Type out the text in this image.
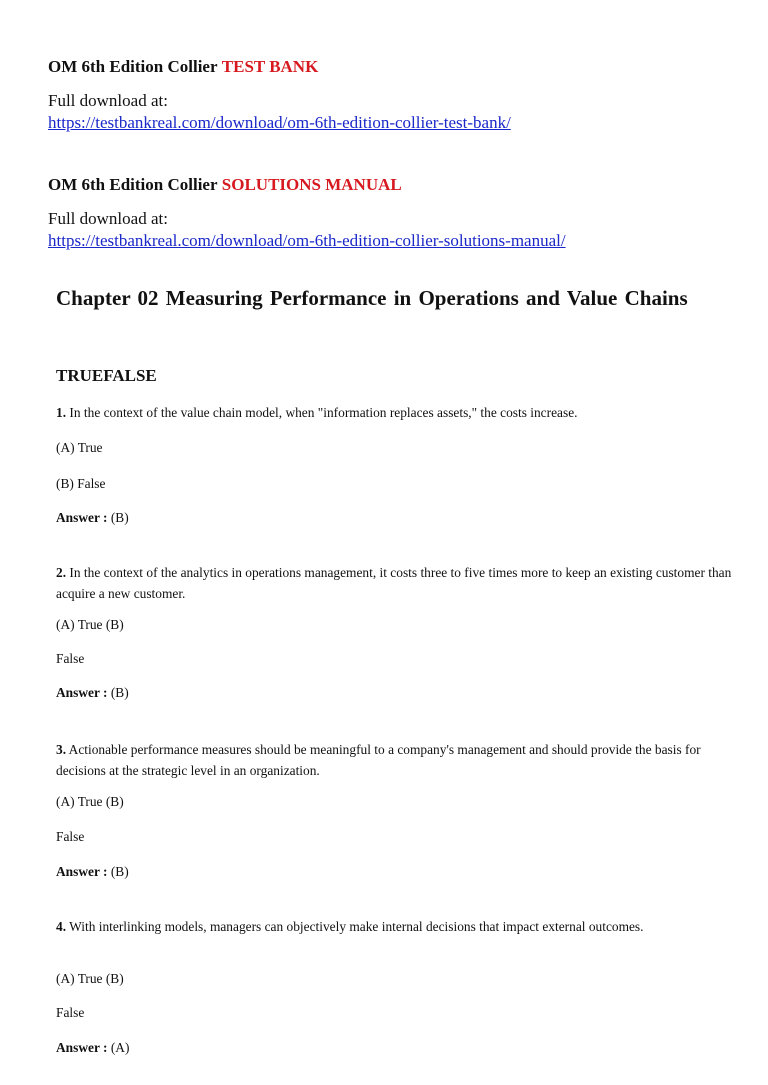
OM 6th Edition Collier TEST BANK
Full download at:
https://testbankreal.com/download/om-6th-edition-collier-test-bank/
OM 6th Edition Collier SOLUTIONS MANUAL
Full download at:
https://testbankreal.com/download/om-6th-edition-collier-solutions-manual/
Chapter 02 Measuring Performance in Operations and Value Chains
TRUEFALSE

1. In the context of the value chain model, when "information replaces assets," the costs increase.

(A) True

(B) False

Answer : (B)

2. In the context of the analytics in operations management, it costs three to five times more to keep an existing customer than acquire a new customer.

(A) True (B)

False

Answer : (B)

3. Actionable performance measures should be meaningful to a company's management and should provide the basis for decisions at the strategic level in an organization.

(A) True (B)

False

Answer : (B)

4. With interlinking models, managers can objectively make internal decisions that impact external outcomes.

(A) True (B)

False

Answer : (A)
